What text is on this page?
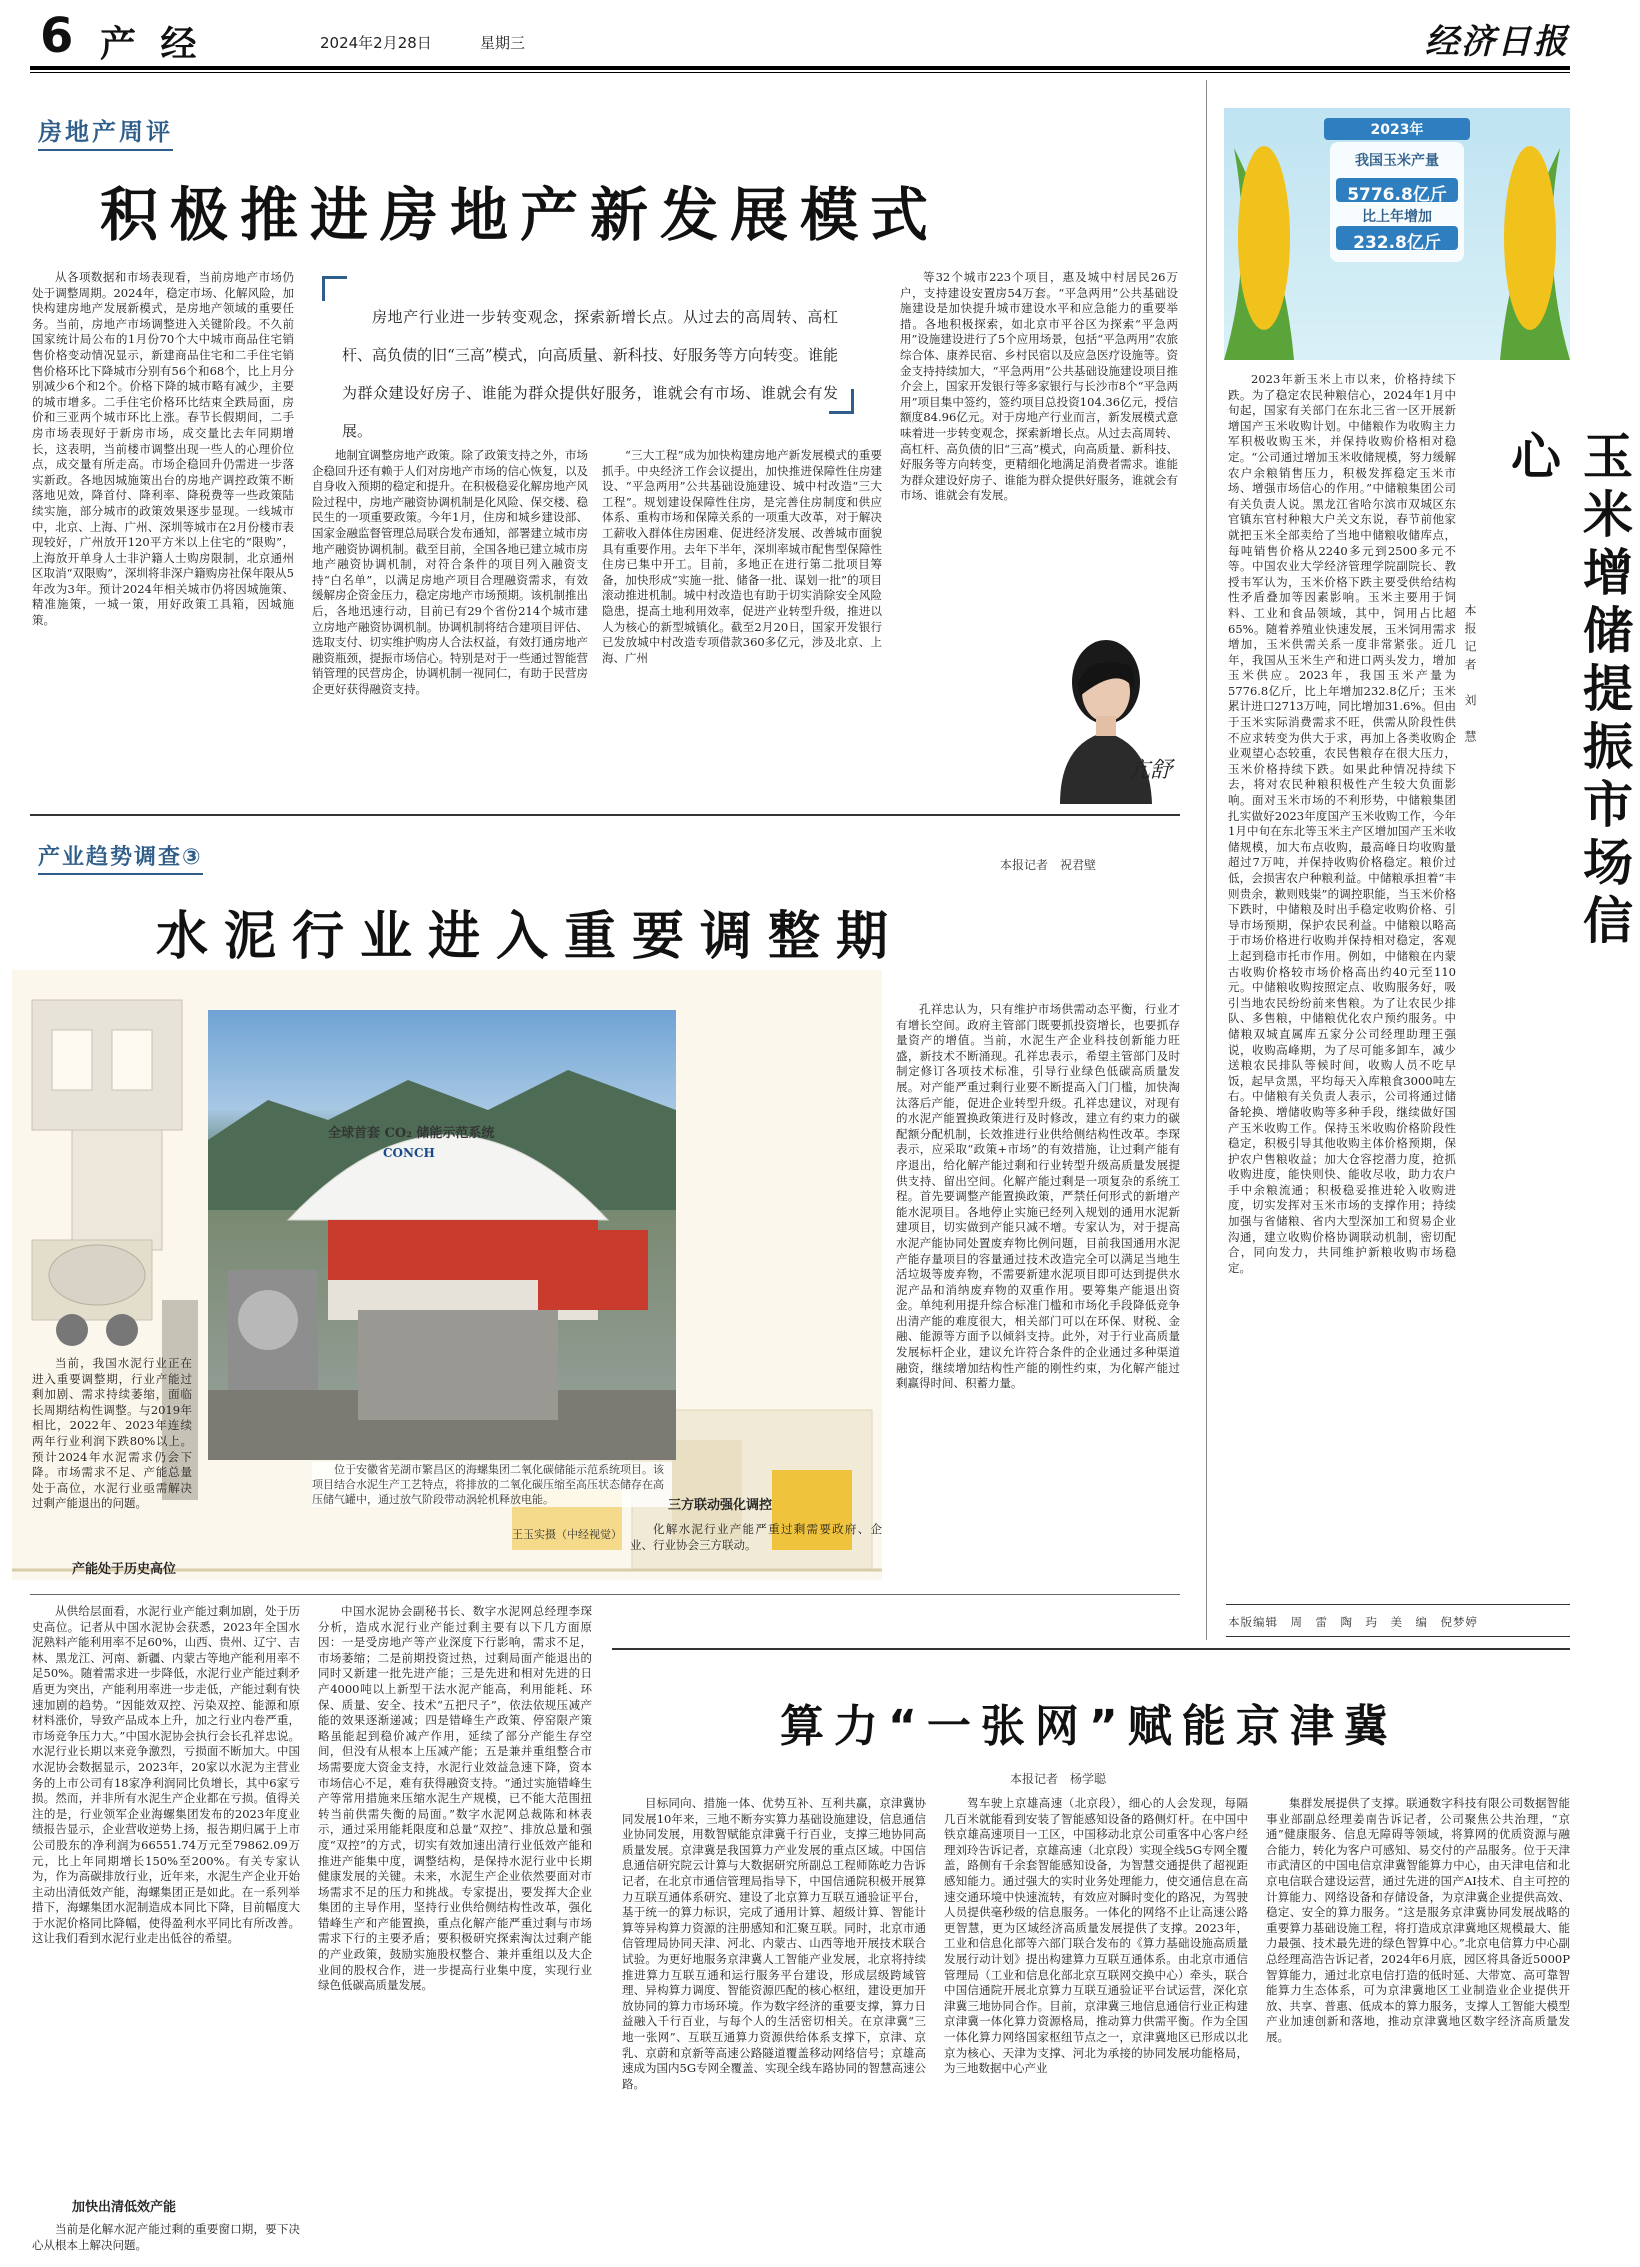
6 产 经	2024年2月28日	星期三	经济日报
房地产周评
积极推进房地产新发展模式
从各项数据和市场表现看，当前房地产市场仍处于调整周期。2024年，稳定市场、化解风险，加快构建房地产发展新模式，是房地产领域的重要任务。当前，房地产市场调整进入关键阶段。不久前国家统计局公布的1月份70个大中城市商品住宅销售价格变动情况显示，新建商品住宅和二手住宅销售价格环比下降城市分别有56个和68个，比上月分别减少6个和2个。价格下降的城市略有减少，主要的城市增多。二手住宅价格环比结束全跌局面，房价和三亚两个城市环比上涨。春节长假期间，二手房市场表现好于新房市场，成交量比去年同期增长，这表明，当前楼市调整出现一些人的心理价位点，成交量有所走高。市场企稳回升仍需进一步落实新政。各地因城施策出台的房地产调控政策不断落地见效，降首付、降利率、降税费等一些政策陆续实施，部分城市的政策效果逐步显现。一线城市中，北京、上海、广州、深圳等城市在2月份楼市表现较好，广州放开120平方米以上住宅的“限购”，上海放开单身人士非沪籍人士购房限制，北京通州区取消“双限购”，深圳将非深户籍购房社保年限从5年改为3年。预计2024年相关城市仍将因城施策、精准施策，一城一策，用好政策工具箱，因城施策。
房地产行业进一步转变观念，探索新增长点。从过去的高周转、高杠杆、高负债的旧“三高”模式，向高质量、新科技、好服务等方向转变。谁能为群众建设好房子、谁能为群众提供好服务，谁就会有市场、谁就会有发展。
地制宜调整房地产政策。除了政策支持之外，市场企稳回升还有赖于人们对房地产市场的信心恢复，以及自身收入预期的稳定和提升。在积极稳妥化解房地产风险过程中，房地产融资协调机制是化风险、保交楼、稳民生的一项重要政策。今年1月，住房和城乡建设部、国家金融监督管理总局联合发布通知，部署建立城市房地产融资协调机制。截至目前，全国各地已建立城市房地产融资协调机制，对符合条件的项目列入融资支持“白名单”，以满足房地产项目合理融资需求，有效缓解房企资金压力，稳定房地产市场预期。该机制推出后，各地迅速行动，目前已有29个省份214个城市建立房地产融资协调机制。协调机制将结合建项目评估、选取支付、切实维护购房人合法权益，有效打通房地产融资瓶颈，提振市场信心。特别是对于一些通过智能营销管理的民营房企，协调机制一视同仁，有助于民营房企更好获得融资支持。
“三大工程”成为加快构建房地产新发展模式的重要抓手。中央经济工作会议提出，加快推进保障性住房建设、“平急两用”公共基础设施建设、城中村改造“三大工程”。规划建设保障性住房，是完善住房制度和供应体系、重构市场和保障关系的一项重大改革，对于解决工薪收入群体住房困难、促进经济发展、改善城市面貌具有重要作用。去年下半年，深圳率城市配售型保障性住房已集中开工。目前，多地正在进行第二批项目筹备，加快形成“实施一批、储备一批、谋划一批”的项目滚动推进机制。城中村改造也有助于切实消除安全风险隐患，提高土地利用效率，促进产业转型升级，推进以人为核心的新型城镇化。截至2月20日，国家开发银行已发放城中村改造专项借款360多亿元，涉及北京、上海、广州
等32个城市223个项目，惠及城中村居民26万户，支持建设安置房54万套。“平急两用”公共基础设施建设是加快提升城市建设水平和应急能力的重要举措。各地积极探索，如北京市平谷区为探索“平急两用”设施建设进行了5个应用场景，包括“平急两用”农旅综合体、康养民宿、乡村民宿以及应急医疗设施等。资金支持持续加大，“平急两用”公共基础设施建设项目推介会上，国家开发银行等多家银行与长沙市8个“平急两用”项目集中签约，签约项目总投资104.36亿元，授信额度84.96亿元。对于房地产行业而言，新发展模式意味着进一步转变观念，探索新增长点。从过去高周转、高杠杆、高负债的旧“三高”模式，向高质量、新科技、好服务等方向转变，更精细化地满足消费者需求。谁能为群众建设好房子、谁能为群众提供好服务，谁就会有市场、谁就会有发展。
亢舒
产业趋势调查③	本报记者　祝君壁
水泥行业进入重要调整期
全球首套 CO₂ 储能示范系统
CONCH
位于安徽省芜湖市繁昌区的海螺集团二氧化碳储能示范系统项目。该项目结合水泥生产工艺特点，将排放的二氧化碳压缩至高压状态储存在高压储气罐中，通过放气阶段带动涡轮机释放电能。
王玉实摄（中经视觉）
当前，我国水泥行业正在进入重要调整期，行业产能过剩加剧、需求持续萎缩，面临长周期结构性调整。与2019年相比，2022年、2023年连续两年行业利润下跌80%以上。预计2024年水泥需求仍会下降。市场需求不足、产能总量处于高位，水泥行业亟需解决过剩产能退出的问题。
孔祥忠认为，只有维护市场供需动态平衡，行业才有增长空间。政府主管部门既要抓投资增长，也要抓存量资产的增值。当前，水泥生产企业科技创新能力旺盛，新技术不断涌现。孔祥忠表示，希望主管部门及时制定修订各项技术标准，引导行业绿色低碳高质量发展。对产能严重过剩行业要不断提高入门门槛，加快淘汰落后产能，促进企业转型升级。孔祥忠建议，对现有的水泥产能置换政策进行及时修改，建立有约束力的碳配额分配机制，长效推进行业供给侧结构性改革。李琛表示，应采取“政策+市场”的有效措施，让过剩产能有序退出，给化解产能过剩和行业转型升级高质量发展提供支持、留出空间。化解产能过剩是一项复杂的系统工程。首先要调整产能置换政策，严禁任何形式的新增产能水泥项目。各地停止实施已经列入规划的通用水泥新建项目，切实做到产能只减不增。专家认为，对于提高水泥产能协同处置废弃物比例问题，目前我国通用水泥产能存量项目的容量通过技术改造完全可以满足当地生活垃圾等废弃物，不需要新建水泥项目即可达到提供水泥产品和消纳废弃物的双重作用。要筹集产能退出资金。单纯利用提升综合标准门槛和市场化手段降低竞争出清产能的难度很大，相关部门可以在环保、财税、金融、能源等方面予以倾斜支持。此外，对于行业高质量发展标杆企业，建议允许符合条件的企业通过多种渠道融资，继续增加结构性产能的刚性约束，为化解产能过剩赢得时间、积蓄力量。
三方联动强化调控
化解水泥行业产能严重过剩需要政府、企业、行业协会三方联动。
产能处于历史高位
从供给层面看，水泥行业产能过剩加剧，处于历史高位。记者从中国水泥协会获悉，2023年全国水泥熟料产能利用率不足60%，山西、贵州、辽宁、吉林、黑龙江、河南、新疆、内蒙古等地产能利用率不足50%。随着需求进一步降低，水泥行业产能过剩矛盾更为突出，产能利用率进一步走低，产能过剩有快速加剧的趋势。“因能效双控、污染双控、能源和原材料涨价，导致产品成本上升，加之行业内卷严重，市场竞争压力大。”中国水泥协会执行会长孔祥忠说。水泥行业长期以来竞争激烈，亏损面不断加大。中国水泥协会数据显示，2023年，20家以水泥为主营业务的上市公司有18家净利润同比负增长，其中6家亏损。然而，并非所有水泥生产企业都在亏损。值得关注的是，行业领军企业海螺集团发布的2023年度业绩报告显示，企业营收逆势上扬，报告期归属于上市公司股东的净利润为66551.74万元至79862.09万元，比上年同期增长150%至200%。有关专家认为，作为高碳排放行业，近年来，水泥生产企业开始主动出清低效产能，海螺集团正是如此。在一系列举措下，海螺集团水泥制造成本同比下降，目前幅度大于水泥价格同比降幅，使得盈利水平同比有所改善。这让我们看到水泥行业走出低谷的希望。
加快出清低效产能
当前是化解水泥产能过剩的重要窗口期，要下决心从根本上解决问题。
中国水泥协会副秘书长、数字水泥网总经理李琛分析，造成水泥行业产能过剩主要有以下几方面原因：一是受房地产等产业深度下行影响，需求不足，市场萎缩；二是前期投资过热，过剩局面产能退出的同时又新建一批先进产能；三是先进和相对先进的日产4000吨以上新型干法水泥产能高，利用能耗、环保、质量、安全、技术“五把尺子”，依法依规压减产能的效果逐渐递减；四是错峰生产政策、停窑限产策略虽能起到稳价减产作用，延续了部分产能生存空间，但没有从根本上压减产能；五是兼并重组整合市场需要庞大资金支持，水泥行业效益急速下降，资本市场信心不足，难有获得融资支持。“通过实施错峰生产等常用措施来压缩水泥生产规模，已不能大范围扭转当前供需失衡的局面。”数字水泥网总裁陈和林表示，通过采用能耗限度和总量“双控”、排放总量和强度“双控”的方式，切实有效加速出清行业低效产能和推进产能集中度，调整结构，是保持水泥行业中长期健康发展的关键。未来，水泥生产企业依然要面对市场需求不足的压力和挑战。专家提出，要发挥大企业集团的主导作用，坚持行业供给侧结构性改革，强化错峰生产和产能置换，重点化解产能严重过剩与市场需求下行的主要矛盾；要积极研究探索淘汰过剩产能的产业政策，鼓励实施股权整合、兼并重组以及大企业间的股权合作，进一步提高行业集中度，实现行业绿色低碳高质量发展。
2023年
我国玉米产量
5776.8亿斤
比上年增加
232.8亿斤
玉米增储提振市场信心
本报记者　刘　慧
2023年新玉米上市以来，价格持续下跌。为了稳定农民种粮信心，2024年1月中旬起，国家有关部门在东北三省一区开展新增国产玉米收购计划。中储粮作为收购主力军积极收购玉米，并保持收购价格相对稳定。“公司通过增加玉米收储规模，努力缓解农户余粮销售压力，积极发挥稳定玉米市场、增强市场信心的作用。”中储粮集团公司有关负责人说。黑龙江省哈尔滨市双城区东官镇东官村种粮大户关文东说，春节前他家就把玉米全部卖给了当地中储粮收储库点，每吨销售价格从2240多元到2500多元不等。中国农业大学经济管理学院副院长、教授韦军认为，玉米价格下跌主要受供给结构性矛盾叠加等因素影响。玉米主要用于饲料、工业和食品领域，其中，饲用占比超65%。随着养殖业快速发展，玉米饲用需求增加，玉米供需关系一度非常紧张。近几年，我国从玉米生产和进口两头发力，增加玉米供应。2023年，我国玉米产量为5776.8亿斤，比上年增加232.8亿斤；玉米累计进口2713万吨，同比增加31.6%。但由于玉米实际消费需求不旺，供需从阶段性供不应求转变为供大于求，再加上各类收购企业观望心态较重，农民售粮存在很大压力，玉米价格持续下跌。如果此种情况持续下去，将对农民种粮积极性产生较大负面影响。面对玉米市场的不利形势，中储粮集团扎实做好2023年度国产玉米收购工作，今年1月中旬在东北等玉米主产区增加国产玉米收储规模，加大布点收购，最高峰日均收购量超过7万吨，并保持收购价格稳定。粮价过低，会损害农户种粮利益。中储粮承担着“丰则贵余，歉则贱粜”的调控职能，当玉米价格下跌时，中储粮及时出手稳定收购价格、引导市场预期，保护农民利益。中储粮以略高于市场价格进行收购并保持相对稳定，客观上起到稳市托市作用。例如，中储粮在内蒙古收购价格较市场价格高出约40元至110元。中储粮收购按照定点、收购服务好，吸引当地农民纷纷前来售粮。为了让农民少排队、多售粮，中储粮优化农户预约服务。中储粮双城直属库五家分公司经理助理王强说，收购高峰期，为了尽可能多卸车，减少送粮农民排队等候时间，收购人员不吃早饭，起早贪黑，平均每天入库粮食3000吨左右。中储粮有关负责人表示，公司将通过储备轮换、增储收购等多种手段，继续做好国产玉米收购工作。保持玉米收购价格阶段性稳定，积极引导其他收购主体价格预期，保护农户售粮收益；加大仓容挖潜力度，抢抓收购进度，能快则快、能收尽收，助力农户手中余粮流通；积极稳妥推进轮入收购进度，切实发挥对玉米市场的支撑作用；持续加强与省储粮、省内大型深加工和贸易企业沟通，建立收购价格协调联动机制，密切配合，同向发力，共同维护新粮收购市场稳定。
本版编辑　周　雷　陶　玙　美　编　倪梦婷
算力“一张网”赋能京津冀
本报记者　杨学聪
目标同向、措施一体、优势互补、互利共赢，京津冀协同发展10年来，三地不断夯实算力基础设施建设，信息通信业协同发展，用数智赋能京津冀千行百业，支撑三地协同高质量发展。京津冀是我国算力产业发展的重点区域。中国信息通信研究院云计算与大数据研究所副总工程师陈屹力告诉记者，在北京市通信管理局指导下，中国信通院积极开展算力互联互通体系研究、建设了北京算力互联互通验证平台，基于统一的算力标识，完成了通用计算、超级计算、智能计算等异构算力资源的注册感知和汇聚互联。同时，北京市通信管理局协同天津、河北、内蒙古、山西等地开展技术联合试验。为更好地服务京津冀人工智能产业发展，北京将持续推进算力互联互通和运行服务平台建设，形成层级跨域管理、异构算力调度、智能资源匹配的核心枢纽，建设更加开放协同的算力市场环境。作为数字经济的重要支撑，算力日益融入千行百业，与每个人的生活密切相关。在京津冀“三地一张网”、互联互通算力资源供给体系支撑下，京津、京乳、京蔚和京新等高速公路隧道覆盖移动网络信号；京雄高速成为国内5G专网全覆盖、实现全线车路协同的智慧高速公路。
驾车驶上京雄高速（北京段），细心的人会发现，每隔几百米就能看到安装了智能感知设备的路侧灯杆。在中国中铁京雄高速项目一工区，中国移动北京公司重客中心客户经理刘玲告诉记者，京雄高速（北京段）实现全线5G专网全覆盖，路侧有千余套智能感知设备，为智慧交通提供了超视距感知能力。通过强大的实时业务处理能力，使交通信息在高速交通环境中快速流转，有效应对瞬时变化的路况，为驾驶人员提供毫秒级的信息服务。一体化的网络不止让高速公路更智慧，更为区域经济高质量发展提供了支撑。2023年，工业和信息化部等六部门联合发布的《算力基础设施高质量发展行动计划》提出构建算力互联互通体系。由北京市通信管理局（工业和信息化部北京互联网交换中心）牵头，联合中国信通院开展北京算力互联互通验证平台试运营，深化京津冀三地协同合作。目前，京津冀三地信息通信行业正构建京津冀一体化算力资源格局，推动算力供需平衡。作为全国一体化算力网络国家枢纽节点之一，京津冀地区已形成以北京为核心、天津为支撑、河北为承接的协同发展功能格局，为三地数据中心产业
集群发展提供了支撑。联通数字科技有限公司数据智能事业部副总经理姜南告诉记者，公司聚焦公共治理，“京通”健康服务、信息无障碍等领域，将算网的优质资源与融合能力，转化为客户可感知、易交付的产品服务。位于天津市武清区的中国电信京津冀智能算力中心，由天津电信和北京电信联合建设运营，通过先进的国产AI技术、自主可控的计算能力、网络设备和存储设备，为京津冀企业提供高效、稳定、安全的算力服务。“这是服务京津冀协同发展战略的重要算力基础设施工程，将打造成京津冀地区规模最大、能力最强、技术最先进的绿色智算中心。”北京电信算力中心副总经理高浩告诉记者，2024年6月底，园区将具备近5000P智算能力，通过北京电信打造的低时延、大带宽、高可靠智能算力生态体系，可为京津冀地区工业制造业企业提供开放、共享、普惠、低成本的算力服务，支撑人工智能大模型产业加速创新和落地，推动京津冀地区数字经济高质量发展。
